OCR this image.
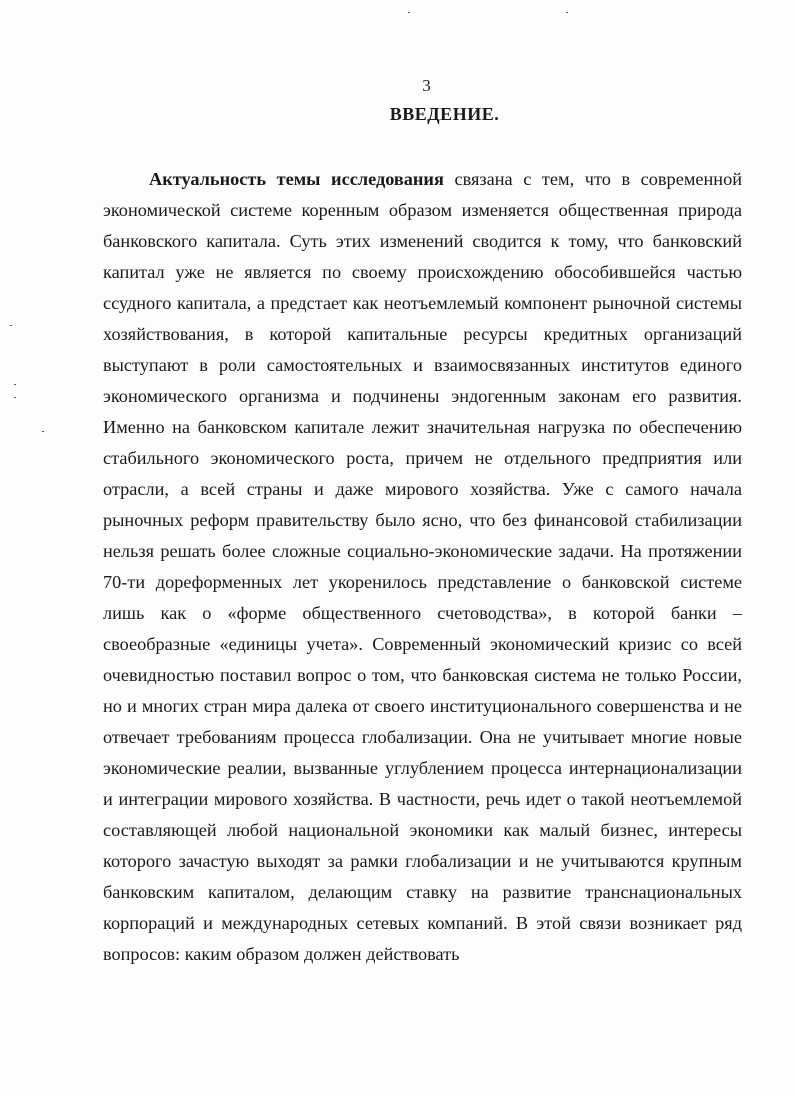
3
ВВЕДЕНИЕ.

Актуальность темы исследования связана с тем, что в современной экономической системе коренным образом изменяется общественная природа банковского капитала. Суть этих изменений сводится к тому, что банковский капитал уже не является по своему происхождению обособившейся частью ссудного капитала, а предстает как неотъемлемый компонент рыночной системы хозяйствования, в которой капитальные ресурсы кредитных организаций выступают в роли самостоятельных и взаимосвязанных институтов единого экономического организма и подчинены эндогенным законам его развития. Именно на банковском капитале лежит значительная нагрузка по обеспечению стабильного экономического роста, причем не отдельного предприятия или отрасли, а всей страны и даже мирового хозяйства. Уже с самого начала рыночных реформ правительству было ясно, что без финансовой стабилизации нельзя решать более сложные социально-экономические задачи. На протяжении 70-ти дореформенных лет укоренилось представление о банковской системе лишь как о «форме общественного счетоводства», в которой банки – своеобразные «единицы учета». Современный экономический кризис со всей очевидностью поставил вопрос о том, что банковская система не только России, но и многих стран мира далека от своего институционального совершенства и не отвечает требованиям процесса глобализации. Она не учитывает многие новые экономические реалии, вызванные углублением процесса интернационализации и интеграции мирового хозяйства. В частности, речь идет о такой неотъемлемой составляющей любой национальной экономики как малый бизнес, интересы которого зачастую выходят за рамки глобализации и не учитываются крупным банковским капиталом, делающим ставку на развитие транснациональных корпораций и международных сетевых компаний. В этой связи возникает ряд вопросов: каким образом должен действовать
